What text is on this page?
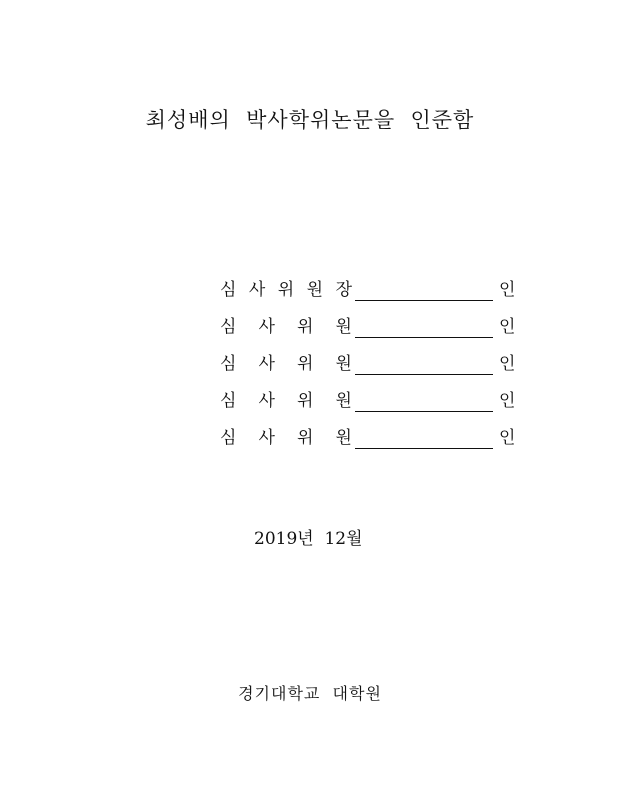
최성배의  박사학위논문을  인준함
심 사 위 원 장	인
심 사 위 원	인
심 사 위 원	인
심 사 위 원	인
심 사 위 원	인
2019년  12월
경기대학교  대학원
